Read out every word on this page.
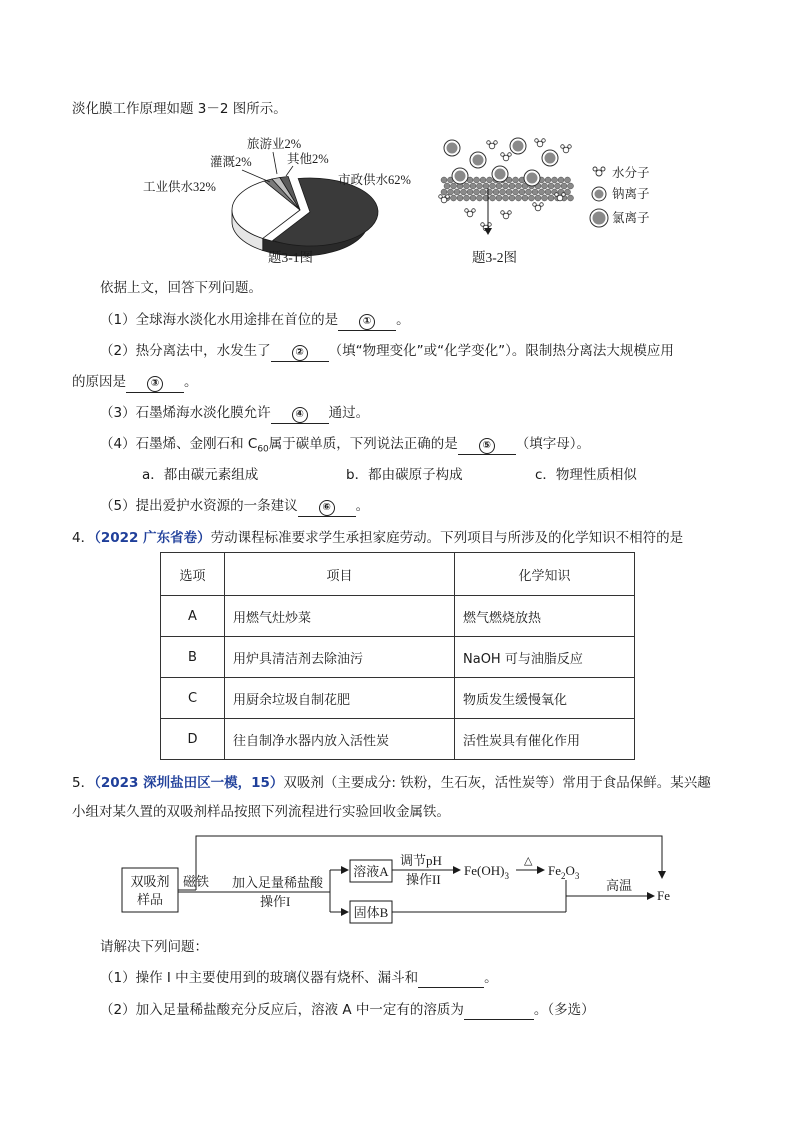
淡化膜工作原理如题 3－2 图所示。
旅游业2%
灌溉2%	其他2%
工业供水32%	市政供水62%
题3-1图
水分子
钠离子
氯离子
题3-2图
依据上文，回答下列问题。
（1）全球海水淡化水用途排在首位的是 ① 。
（2）热分离法中，水发生了 ② （填“物理变化”或“化学变化”）。限制热分离法大规模应用
的原因是 ③ 。
（3）石墨烯海水淡化膜允许 ④ 通过。
（4）石墨烯、金刚石和 $C_{60}$属于碳单质，下列说法正确的是 ⑤ （填字母）。
a．都由碳元素组成	b．都由碳原子构成	c．物理性质相似
（5）提出爱护水资源的一条建议 ⑥ 。
4．（2022 广东省卷）劳动课程标准要求学生承担家庭劳动。下列项目与所涉及的化学知识不相符的是
选项	项目	化学知识
A	用燃气灶炒菜	燃气燃烧放热
B	用炉具清洁剂去除油污	NaOH 可与油脂反应
C	用厨余垃圾自制花肥	物质发生缓慢氧化
D	往自制净水器内放入活性炭	活性炭具有催化作用
5．（2023 深圳盐田区一模，15）双吸剂（主要成分: 铁粉，生石灰，活性炭等）常用于食品保鲜。某兴趣
小组对某久置的双吸剂样品按照下列流程进行实验回收金属铁。
双吸剂
样品
磁铁 加入足量稀盐酸
操作I
溶液A
固体B
调节pH
操作II
$Fe(OH)_3$
△
$Fe_2O_3$
高温
Fe
请解决下列问题：
（1）操作 I 中主要使用到的玻璃仪器有烧杯、漏斗和	。
（2）加入足量稀盐酸充分反应后，溶液 A 中一定有的溶质为	。（多选）
